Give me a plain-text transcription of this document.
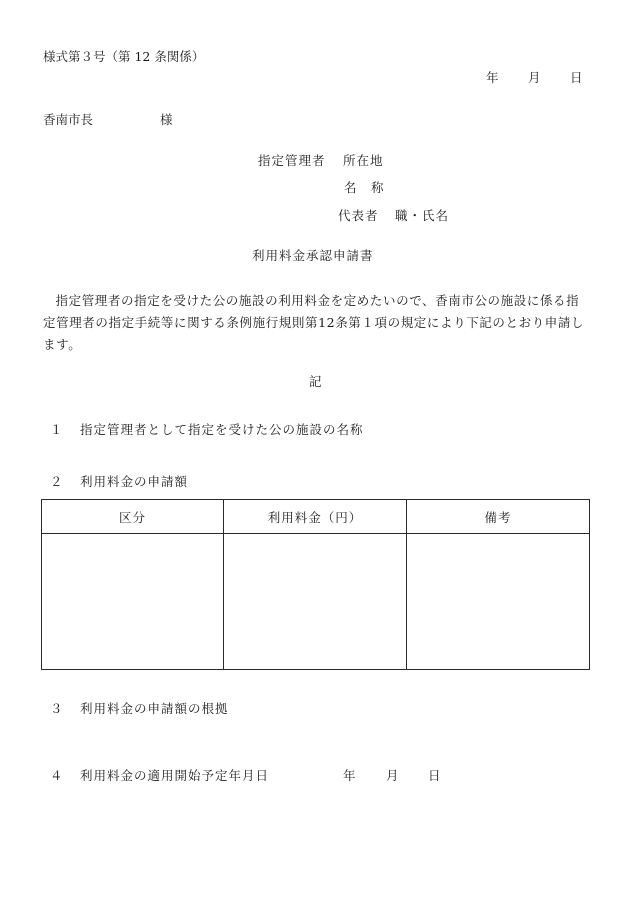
様式第３号（第 12 条関係）
年 月 日
香南市長	様
指定管理者 所在地
名　称
代表者 職・氏名
利用料金承認申請書
指定管理者の指定を受けた公の施設の利用料金を定めたいので、香南市公の施設に係る指定管理者の指定手続等に関する条例施行規則第12条第１項の規定により下記のとおり申請します。
記
１ 指定管理者として指定を受けた公の施設の名称
２ 利用料金の申請額
区分	利用料金（円）	備考

３ 利用料金の申請額の根拠
４ 利用料金の適用開始予定年月日	年 月 日
